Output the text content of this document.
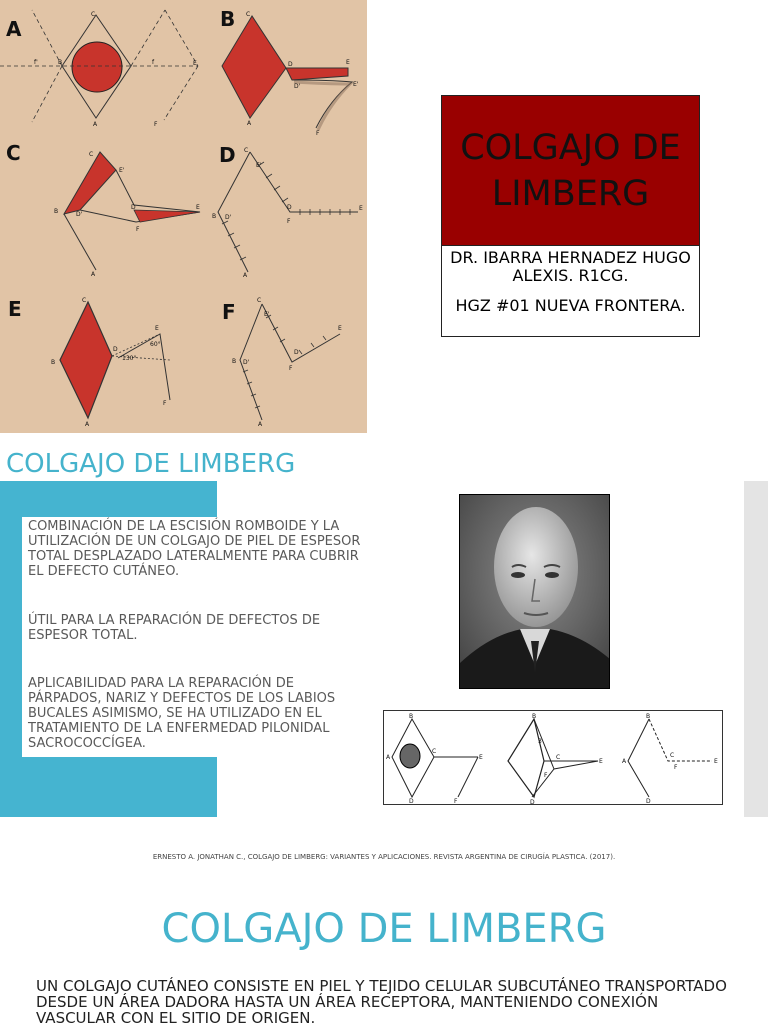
A
C
B
A
E
F
f'	f
B C
A
D
D'
E
E'
F
C	C
B
E'
D'
D	E
F
A
D C
E'
B D'
D	E
F
A
E	C
B
D
E
60°
130°
F
A
F	C
E'
B D'
D
E
F
A
COLGAJO DE LIMBERG
DR. IBARRA HERNADEZ HUGO ALEXIS. R1CG.
HGZ #01 NUEVA FRONTERA.
COLGAJO DE LIMBERG

COMBINACIÓN DE LA ESCISIÓN ROMBOIDE Y LA UTILIZACIÓN DE UN COLGAJO DE PIEL DE ESPESOR TOTAL DESPLAZADO LATERALMENTE PARA CUBRIR EL DEFECTO CUTÁNEO.

ÚTIL PARA LA REPARACIÓN DE DEFECTOS DE ESPESOR TOTAL.

APLICABILIDAD PARA LA REPARACIÓN DE PÁRPADOS, NARIZ Y DEFECTOS DE LOS LABIOS BUCALES ASIMISMO, SE HA UTILIZADO EN EL TRATAMIENTO DE LA ENFERMEDAD PILONIDAL SACROCOCCÍGEA.

B
A
C
E
D	F
B
C
E
F
D
3
B
A
C
F
E
D
ERNESTO A. JONATHAN C., COLGAJO DE LIMBERG: VARIANTES Y APLICACIONES. REVISTA ARGENTINA DE CIRUGÍA PLASTICA. (2017).
COLGAJO DE LIMBERG
UN COLGAJO CUTÁNEO CONSISTE EN PIEL Y TEJIDO CELULAR SUBCUTÁNEO TRANSPORTADO DESDE UN ÁREA DADORA HASTA UN ÁREA RECEPTORA, MANTENIENDO CONEXIÓN VASCULAR CON EL SITIO DE ORIGEN.
